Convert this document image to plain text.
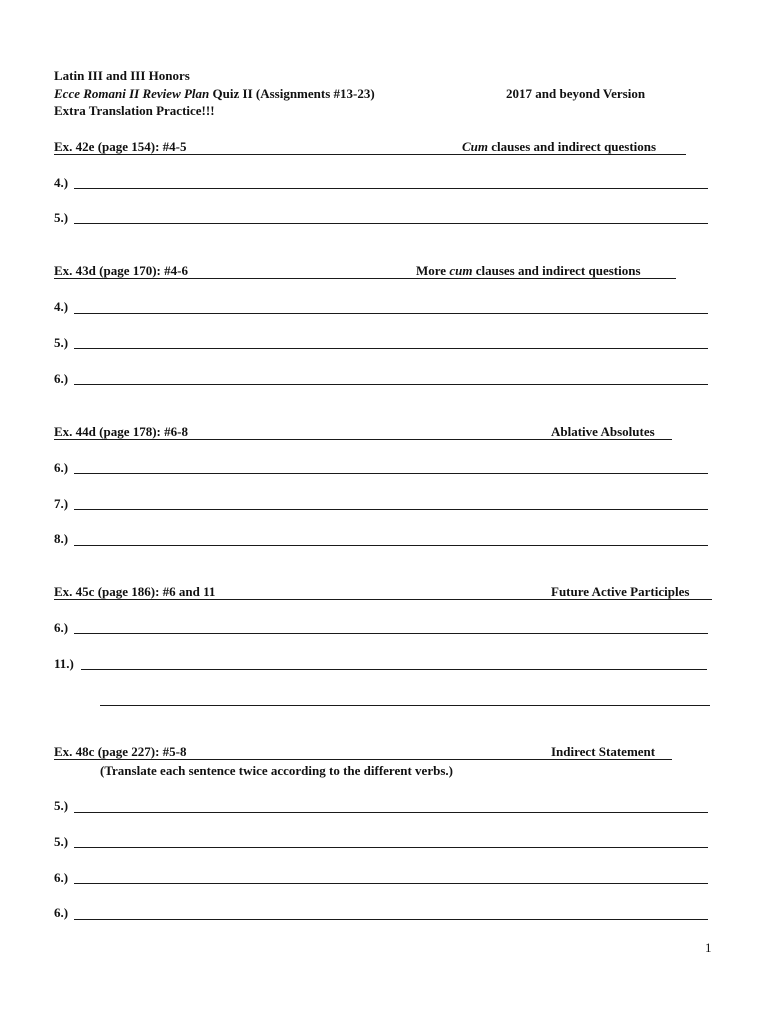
Latin III and III Honors
Ecce Romani II Review Plan Quiz II (Assignments #13-23)	2017 and beyond Version
Extra Translation Practice!!!
Ex. 42e (page 154): #4-5	Cum clauses and indirect questions
4.)
5.)
Ex. 43d (page 170): #4-6	More cum clauses and indirect questions
4.)
5.)
6.)
Ex. 44d (page 178): #6-8	Ablative Absolutes
6.)
7.)
8.)
Ex. 45c (page 186): #6 and 11	Future Active Participles
6.)
11.)
Ex. 48c (page 227): #5-8	Indirect Statement
(Translate each sentence twice according to the different verbs.)
5.)
5.)
6.)
6.)
1
